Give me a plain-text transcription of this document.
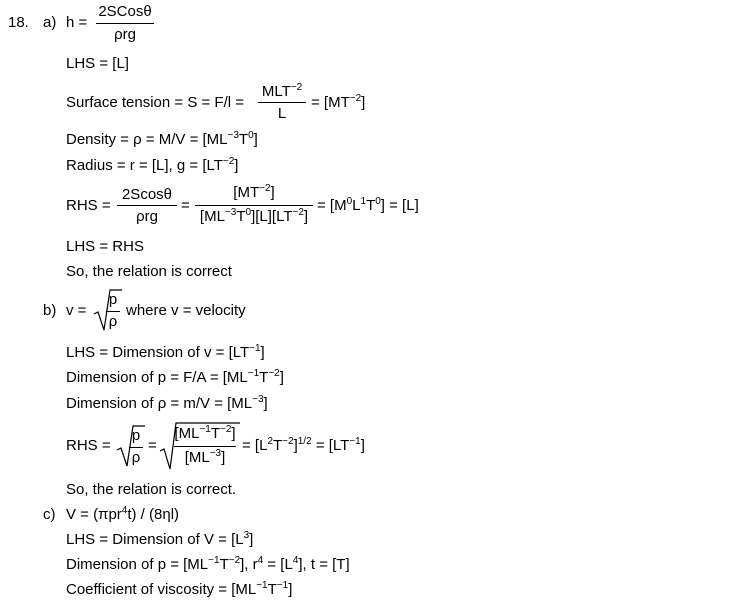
18. a) h =
2SCosθ
ρrg
LHS = [L]
Surface tension = S = F/l =
$MLT^{-2}$
L
= $[MT^{-2}]$
Density = $\rho = M/V = [ML^{-3}T^0]$
Radius = r = [L], $g = [LT^{-2}]$
RHS =
2Scosθ
ρrg
=
$[MT^{-2}]$
$[ML^{-3}T^0][L][LT^{-2}]$
= $[M^0L^1T^0] = [L]$
LHS = RHS
So, the relation is correct
b) v =
p
ρ
where v = velocity
LHS = Dimension of $v = [LT^{-1}]$
Dimension of $p = F/A = [ML^{-1}T^{-2}]$
Dimension of $\rho = m/V = [ML^{-3}]$
RHS =
p
ρ
=
$[ML^{-1}T^{-2}]$
$[ML^{-3}]$
= $[L^2T^{-2}]^{1/2} = [LT^{-1}]$
So, the relation is correct.
c) V = (πpr$^4$t) / (8ηl)
LHS = Dimension of $V = [L^3]$
Dimension of $p = [ML^{-1}T^{-2}]$, $r^4 = [L^4]$, t = [T]
Coefficient of viscosity = $[ML^{-1}T^{-1}]$
